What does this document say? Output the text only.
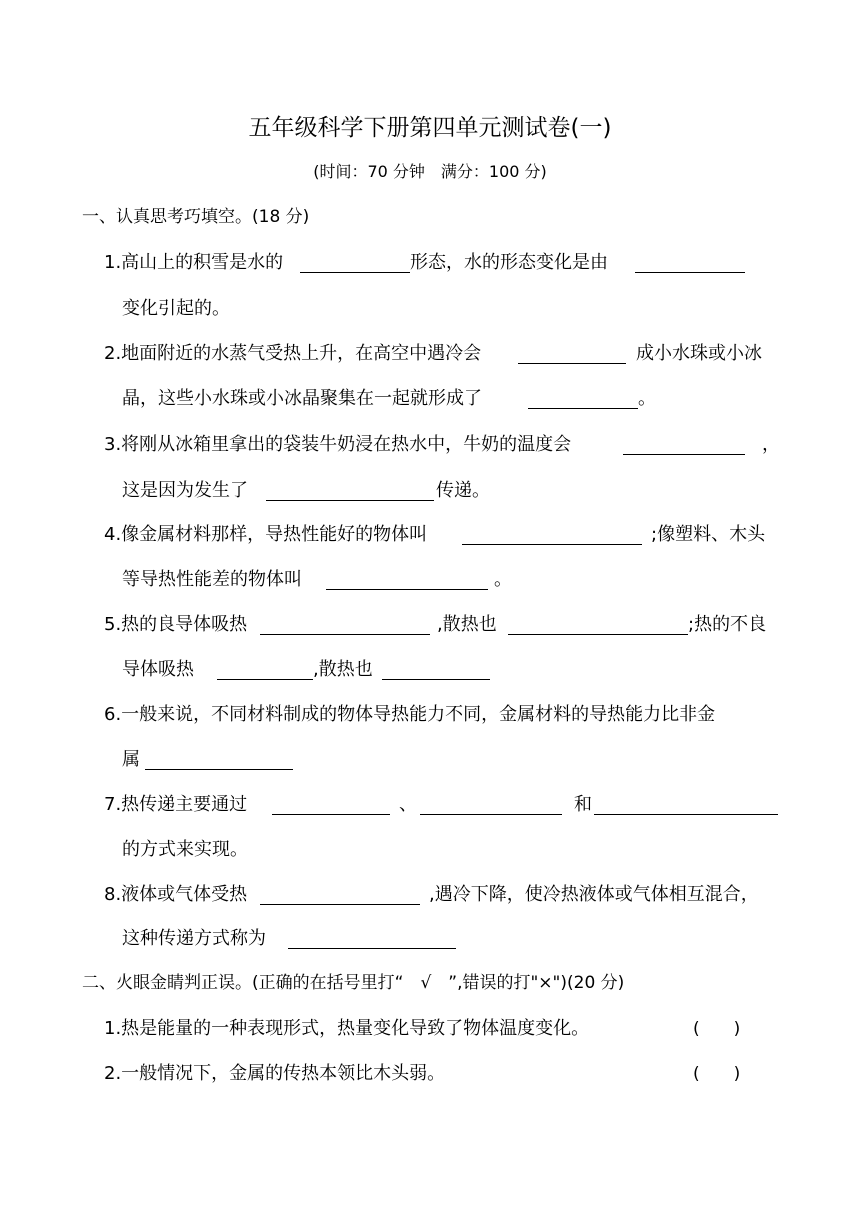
五年级科学下册第四单元测试卷(一)
(时间：70 分钟　满分：100 分)
一、认真思考巧填空。(18 分)
1.高山上的积雪是水的	形态，水的形态变化是由
变化引起的。
2.地面附近的水蒸气受热上升，在高空中遇冷会	成小水珠或小冰
晶，这些小水珠或小冰晶聚集在一起就形成了	。
3.将刚从冰箱里拿出的袋装牛奶浸在热水中，牛奶的温度会	，
这是因为发生了	传递。
4.像金属材料那样，导热性能好的物体叫	;像塑料、木头
等导热性能差的物体叫	。
5.热的良导体吸热	,散热也	;热的不良
导体吸热	,散热也
6.一般来说，不同材料制成的物体导热能力不同，金属材料的导热能力比非金
属
7.热传递主要通过	、	和
的方式来实现。
8.液体或气体受热	,遇冷下降，使冷热液体或气体相互混合，
这种传递方式称为
二、火眼金睛判正误。(正确的在括号里打“　√　”,错误的打"×")(20 分)
1.热是能量的一种表现形式，热量变化导致了物体温度变化。	(　　)
2.一般情况下，金属的传热本领比木头弱。	(　　)
